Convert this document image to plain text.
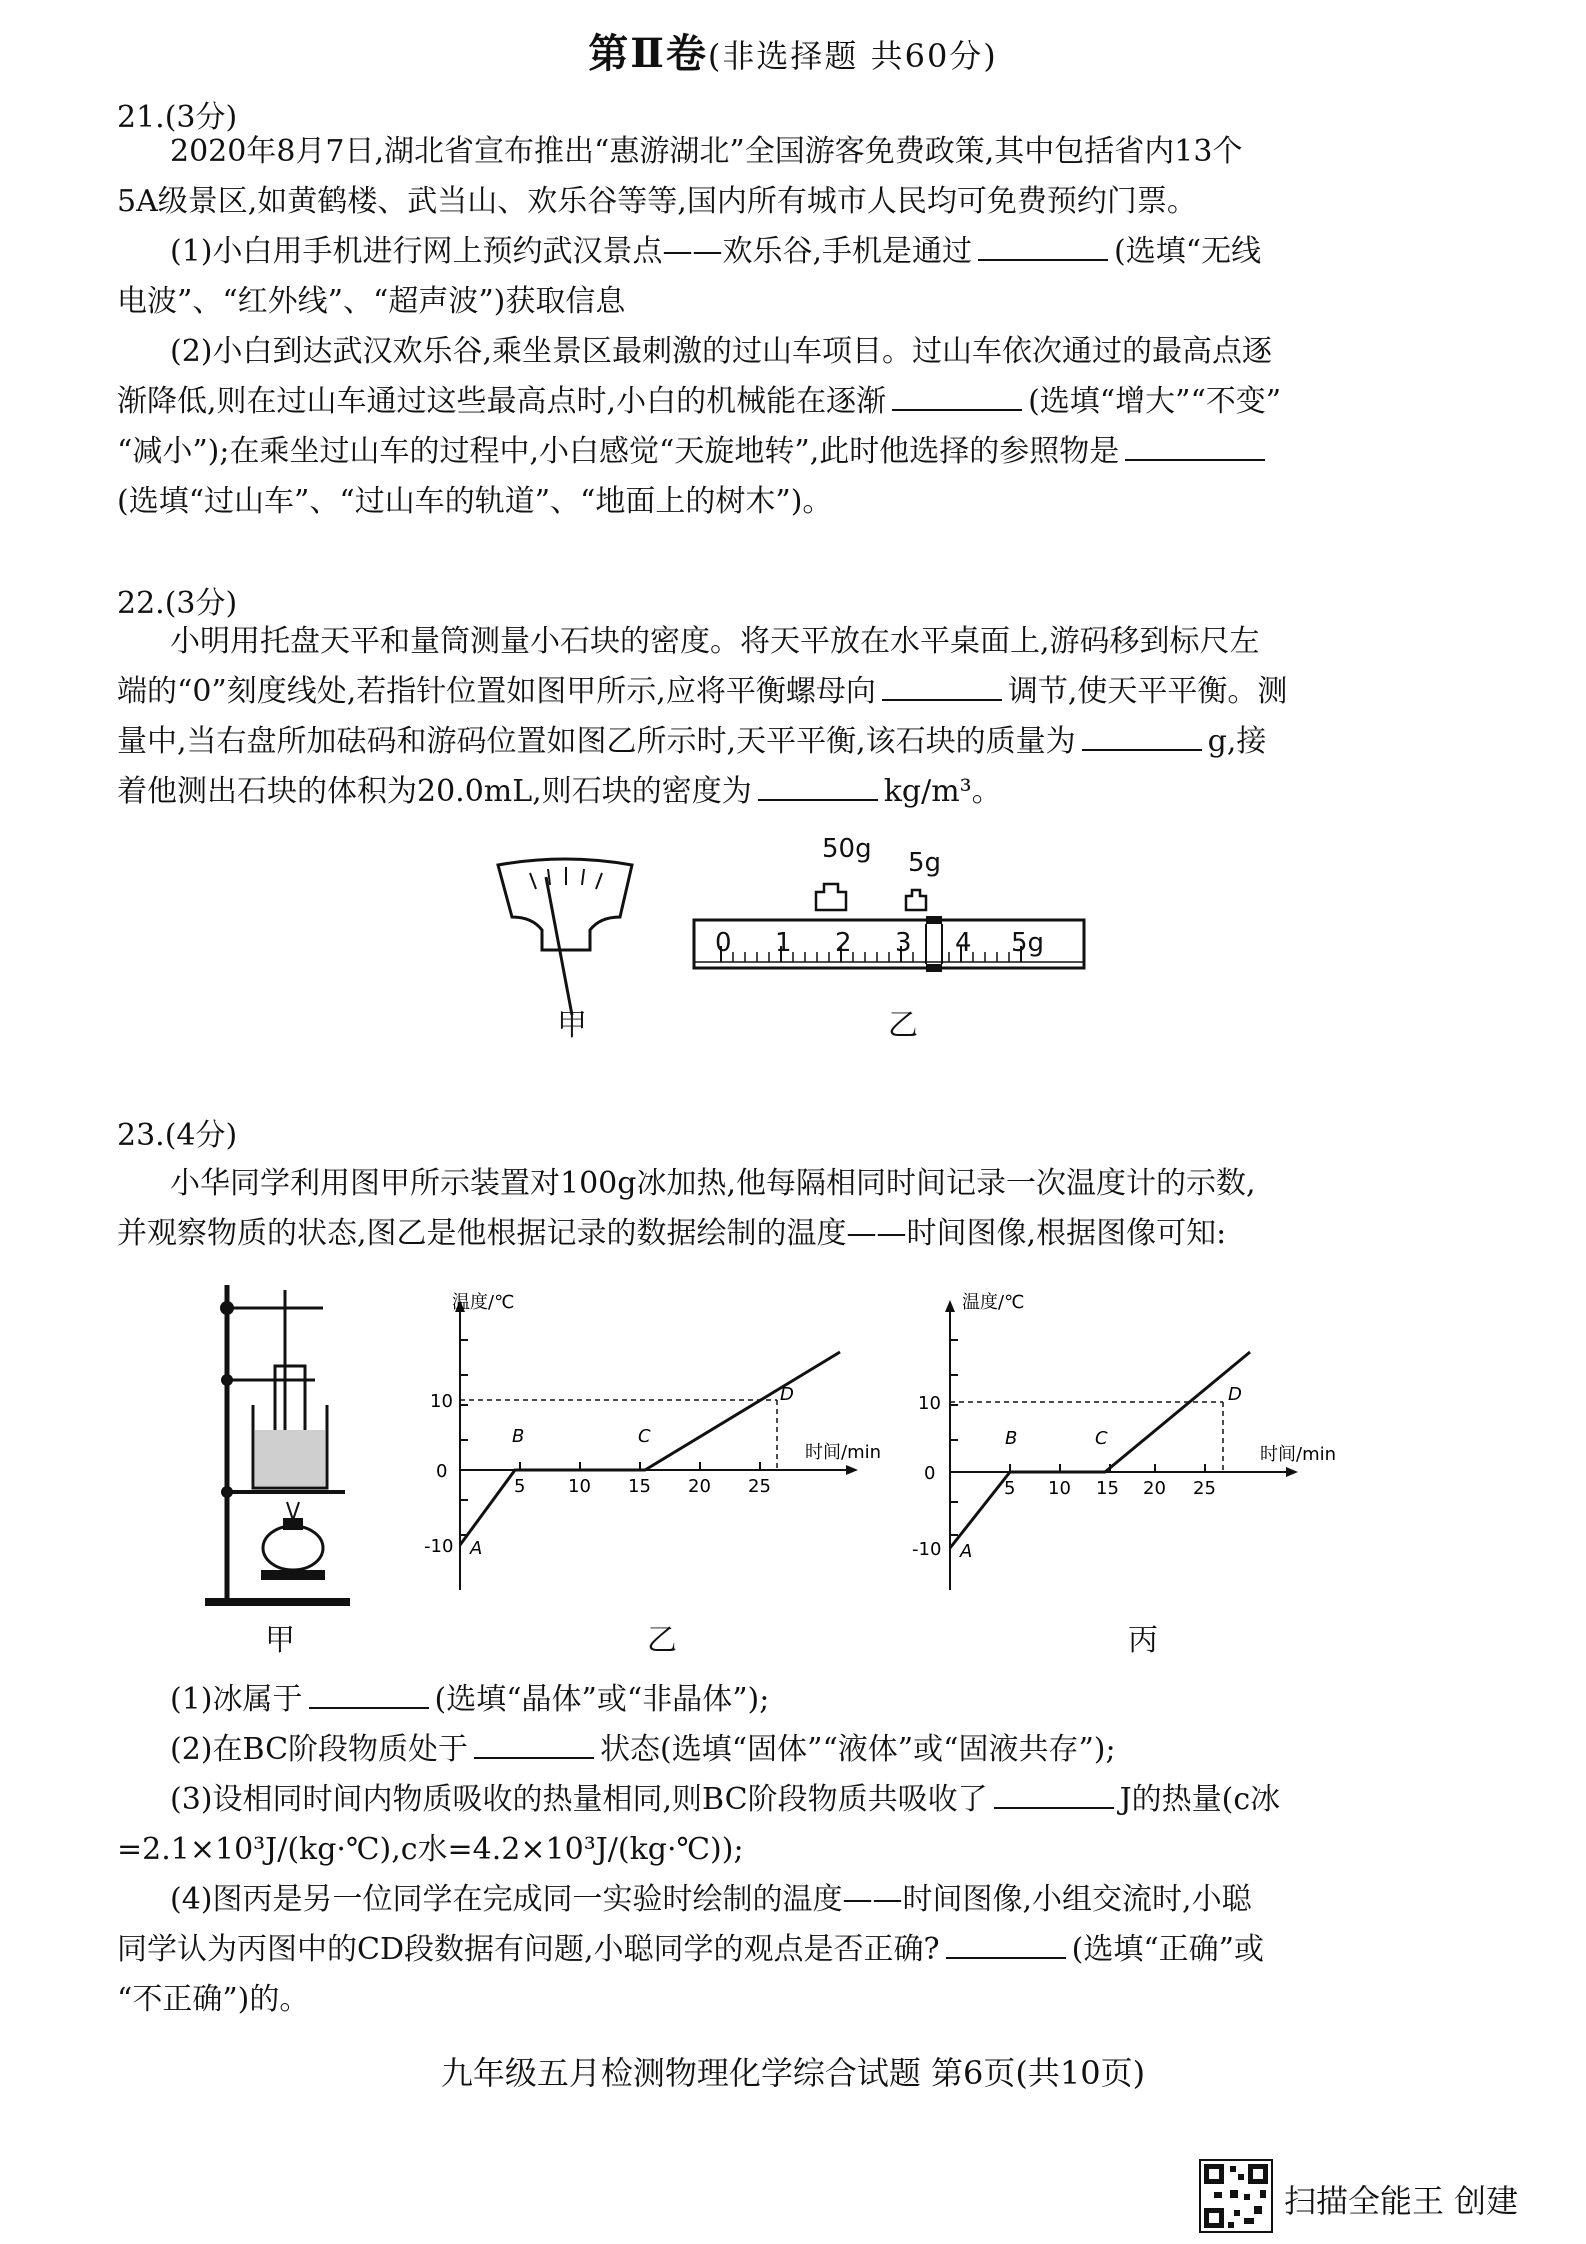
第Ⅱ卷(非选择题 共60分)
21.(3分)
2020年8月7日,湖北省宣布推出“惠游湖北”全国游客免费政策,其中包括省内13个
5A级景区,如黄鹤楼、武当山、欢乐谷等等,国内所有城市人民均可免费预约门票。
(1)小白用手机进行网上预约武汉景点——欢乐谷,手机是通过	(选填“无线
电波”、“红外线”、“超声波”)获取信息
(2)小白到达武汉欢乐谷,乘坐景区最刺激的过山车项目。过山车依次通过的最高点逐
渐降低,则在过山车通过这些最高点时,小白的机械能在逐渐	(选填“增大”“不变”
“减小”);在乘坐过山车的过程中,小白感觉“天旋地转”,此时他选择的参照物是
(选填“过山车”、“过山车的轨道”、“地面上的树木”)。
22.(3分)
小明用托盘天平和量筒测量小石块的密度。将天平放在水平桌面上,游码移到标尺左
端的“0”刻度线处,若指针位置如图甲所示,应将平衡螺母向	调节,使天平平衡。测
量中,当右盘所加砝码和游码位置如图乙所示时,天平平衡,该石块的质量为	g,接
着他测出石块的体积为20.0mL,则石块的密度为	kg/m³。
甲
50g 5g
0 1 2 3 4 5g
乙
23.(4分)
小华同学利用图甲所示装置对100g冰加热,他每隔相同时间记录一次温度计的示数,
并观察物质的状态,图乙是他根据记录的数据绘制的温度——时间图像,根据图像可知:
甲
温度/℃
时间/min
10
0
-10
5 10 15 20 25
A
B	C
D
乙
温度/℃
时间/min
10
0
-10
5 10 15 20 25
A
B	C
D
丙
(1)冰属于	(选填“晶体”或“非晶体”);
(2)在BC阶段物质处于	状态(选填“固体”“液体”或“固液共存”);
(3)设相同时间内物质吸收的热量相同,则BC阶段物质共吸收了	J的热量(c冰
=2.1×10³J/(kg·℃),c水=4.2×10³J/(kg·℃));
(4)图丙是另一位同学在完成同一实验时绘制的温度——时间图像,小组交流时,小聪
同学认为丙图中的CD段数据有问题,小聪同学的观点是否正确?	(选填“正确”或
“不正确”)的。
九年级五月检测物理化学综合试题 第6页(共10页)
扫描全能王 创建
